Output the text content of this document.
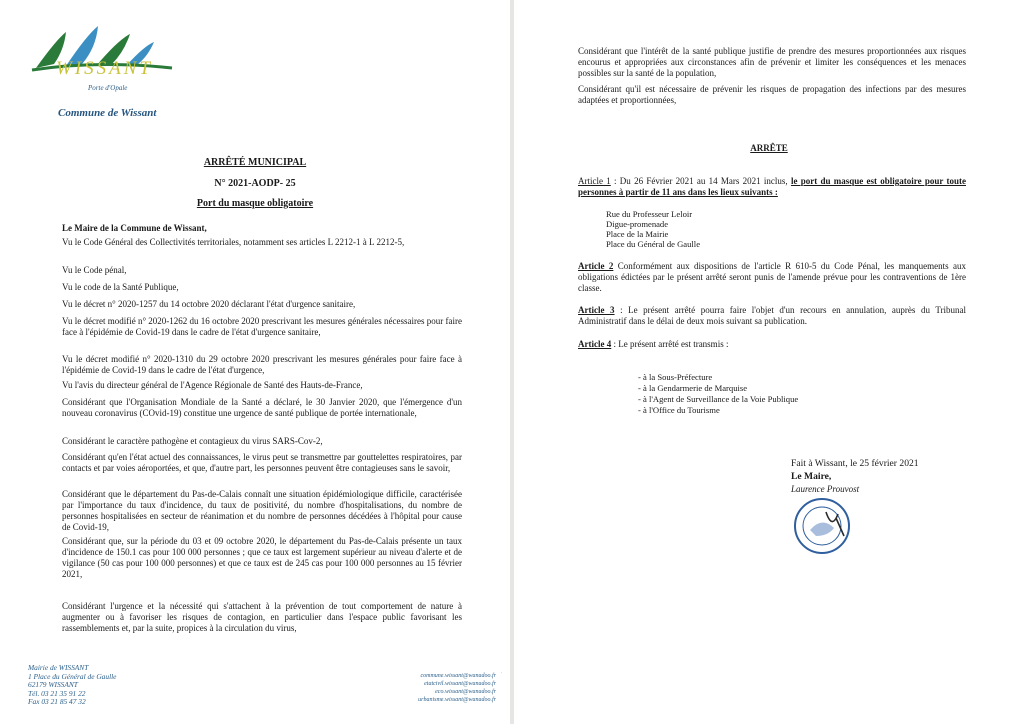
WISSANT
Porte d'Opale
Commune de Wissant
ARRÊTÉ MUNICIPAL
N° 2021-AODP- 25
Port du masque obligatoire
Le Maire de la Commune de Wissant,
Vu le Code Général des Collectivités territoriales, notamment ses articles L 2212-1 à L 2212-5,
Vu le Code pénal,
Vu le code de la Santé Publique,
Vu le décret n° 2020-1257 du 14 octobre 2020 déclarant l'état d'urgence sanitaire,
Vu le décret modifié n° 2020-1262 du 16 octobre 2020 prescrivant les mesures générales nécessaires pour faire face à l'épidémie de Covid-19 dans le cadre de l'état d'urgence sanitaire,
Vu le décret modifié n° 2020-1310 du 29 octobre 2020 prescrivant les mesures générales pour faire face à l'épidémie de Covid-19 dans le cadre de l'état d'urgence,
Vu l'avis du directeur général de l'Agence Régionale de Santé des Hauts-de-France,
Considérant que l'Organisation Mondiale de la Santé a déclaré, le 30 Janvier 2020, que l'émergence d'un nouveau coronavirus (COvid-19) constitue une urgence de santé publique de portée internationale,
Considérant le caractère pathogène et contagieux du virus SARS-Cov-2,
Considérant qu'en l'état actuel des connaissances, le virus peut se transmettre par gouttelettes respiratoires, par contacts et par voies aéroportées, et que, d'autre part, les personnes peuvent être contagieuses sans le savoir,
Considérant que le département du Pas-de-Calais connaît une situation épidémiologique difficile, caractérisée par l'importance du taux d'incidence, du taux de positivité, du nombre d'hospitalisations, du nombre de personnes hospitalisées en secteur de réanimation et du nombre de personnes décédées à l'hôpital pour cause de Covid-19,
Considérant que, sur la période du 03 et 09 octobre 2020, le département du Pas-de-Calais présente un taux d'incidence de 150.1 cas pour 100 000 personnes ; que ce taux est largement supérieur au niveau d'alerte et de vigilance (50 cas pour 100 000 personnes) et que ce taux est de 245 cas pour 100 000 personnes au 15 février 2021,
Considérant l'urgence et la nécessité qui s'attachent à la prévention de tout comportement de nature à augmenter ou à favoriser les risques de contagion, en particulier dans l'espace public favorisant les rassemblements et, par la suite, propices à la circulation du virus,
Mairie de WISSANT
1 Place du Général de Gaulle
62179 WISSANT
Tél. 03 21 35 91 22
Fax 03 21 85 47 32
commune.wissant@wanadoo.fr
etatcivil.wissant@wanadoo.fr
eco.wissant@wanadoo.fr
urbanisme.wissant@wanadoo.fr
Considérant que l'intérêt de la santé publique justifie de prendre des mesures proportionnées aux risques encourus et appropriées aux circonstances afin de prévenir et limiter les conséquences et les menaces possibles sur la santé de la population,
Considérant qu'il est nécessaire de prévenir les risques de propagation des infections par des mesures adaptées et proportionnées,
ARRÊTE
Article 1 : Du 26 Février 2021 au 14 Mars 2021 inclus, le port du masque est obligatoire pour toute personnes à partir de 11 ans dans les lieux suivants :
Rue du Professeur Leloir
Digue-promenade
Place de la Mairie
Place du Général de Gaulle
Article 2 Conformément aux dispositions de l'article R 610-5 du Code Pénal, les manquements aux obligations édictées par le présent arrêté seront punis de l'amende prévue pour les contraventions de 1ère classe.
Article 3 : Le présent arrêté pourra faire l'objet d'un recours en annulation, auprès du Tribunal Administratif dans le délai de deux mois suivant sa publication.
Article 4 : Le présent arrêté est transmis :
- à la Sous-Préfecture
- à la Gendarmerie de Marquise
- à l'Agent de Surveillance de la Voie Publique
- à l'Office du Tourisme
Fait à Wissant, le 25 février 2021
Le Maire,
Laurence Prouvost
·
